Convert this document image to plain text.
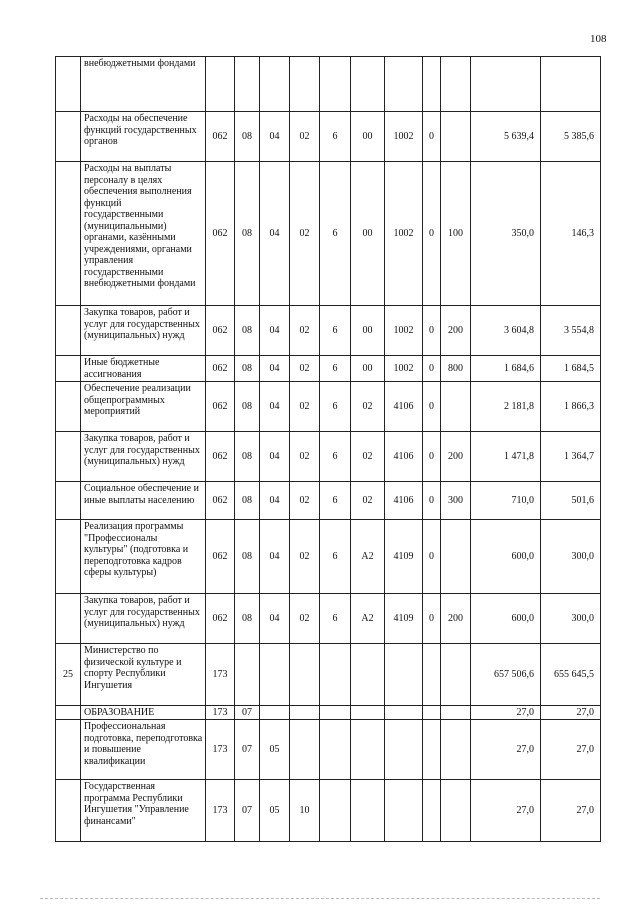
108
	внебюджетными фондами											
	Расходы на обеспечение функций государственных органов	062	08	04	02	6	00	1002	0		5 639,4	5 385,6
	Расходы на выплаты персоналу в целях обеспечения выполнения функций государственными (муниципальными) органами, казёнными учреждениями, органами управления государственными внебюджетными фондами	062	08	04	02	6	00	1002	0	100	350,0	146,3
	Закупка товаров, работ и услуг для государственных (муниципальных) нужд	062	08	04	02	6	00	1002	0	200	3 604,8	3 554,8
	Иные бюджетные ассигнования	062	08	04	02	6	00	1002	0	800	1 684,6	1 684,5
	Обеспечение реализации общепрограммных мероприятий	062	08	04	02	6	02	4106	0		2 181,8	1 866,3
	Закупка товаров, работ и услуг для государственных (муниципальных) нужд	062	08	04	02	6	02	4106	0	200	1 471,8	1 364,7
	Социальное обеспечение и иные выплаты населению	062	08	04	02	6	02	4106	0	300	710,0	501,6
	Реализация программы "Профессионалы культуры" (подготовка и переподготовка кадров сферы культуры)	062	08	04	02	6	А2	4109	0		600,0	300,0
	Закупка товаров, работ и услуг для государственных (муниципальных) нужд	062	08	04	02	6	А2	4109	0	200	600,0	300,0
25	Министерство по физической культуре и спорту Республики Ингушетия	173									657 506,6	655 645,5
	ОБРАЗОВАНИЕ	173	07								27,0	27,0
	Профессиональная подготовка, переподготовка и повышение квалификации	173	07	05							27,0	27,0
	Государственная программа Республики Ингушетия "Управление финансами"	173	07	05	10						27,0	27,0
